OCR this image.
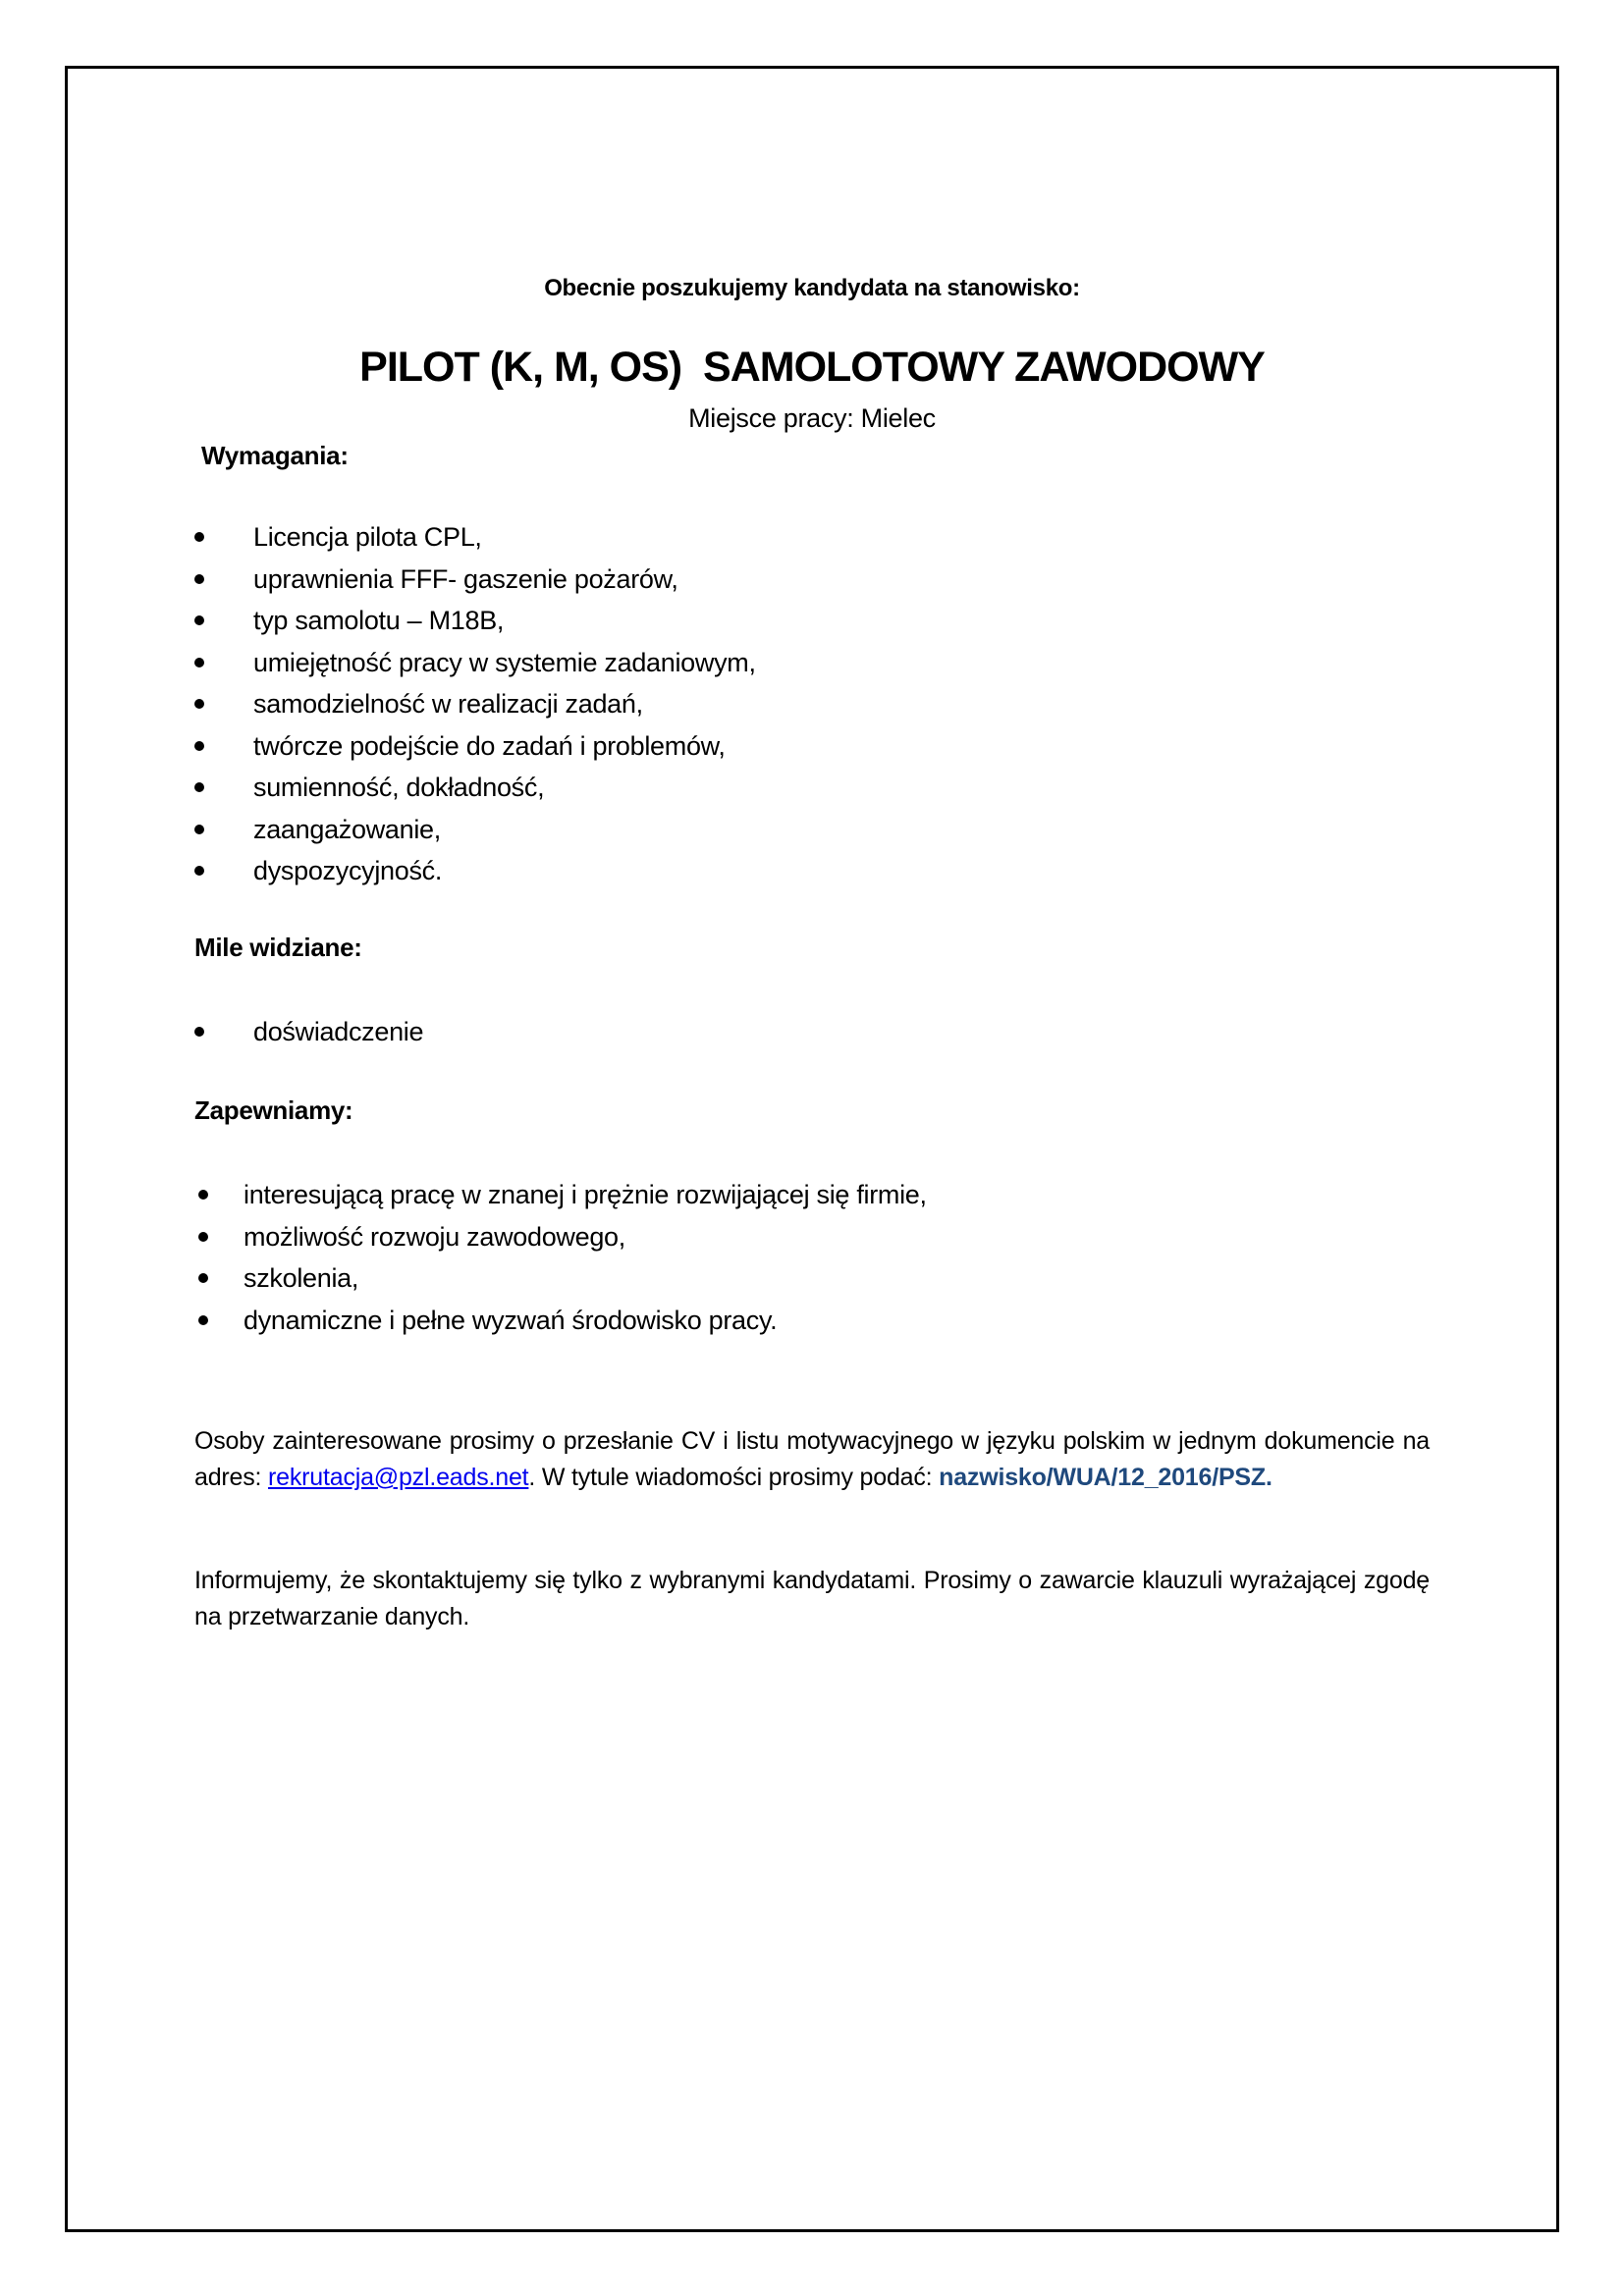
Obecnie poszukujemy kandydata na stanowisko:
PILOT (K, M, OS)  SAMOLOTOWY ZAWODOWY
Miejsce pracy: Mielec
Wymagania:
Licencja pilota CPL,
uprawnienia FFF- gaszenie pożarów,
typ samolotu – M18B,
umiejętność pracy w systemie zadaniowym,
samodzielność w realizacji zadań,
twórcze podejście do zadań i problemów,
sumienność, dokładność,
zaangażowanie,
dyspozycyjność.
Mile widziane:
doświadczenie
Zapewniamy:
interesującą pracę w znanej i prężnie rozwijającej się firmie,
możliwość rozwoju zawodowego,
szkolenia,
dynamiczne i pełne wyzwań środowisko pracy.

Osoby zainteresowane prosimy o przesłanie CV i listu motywacyjnego w języku polskim w jednym dokumencie na adres: rekrutacja@pzl.eads.net. W tytule wiadomości prosimy podać: nazwisko/WUA/12_2016/PSZ.

Informujemy, że skontaktujemy się tylko z wybranymi kandydatami. Prosimy o zawarcie klauzuli wyrażającej zgodę na przetwarzanie danych.
